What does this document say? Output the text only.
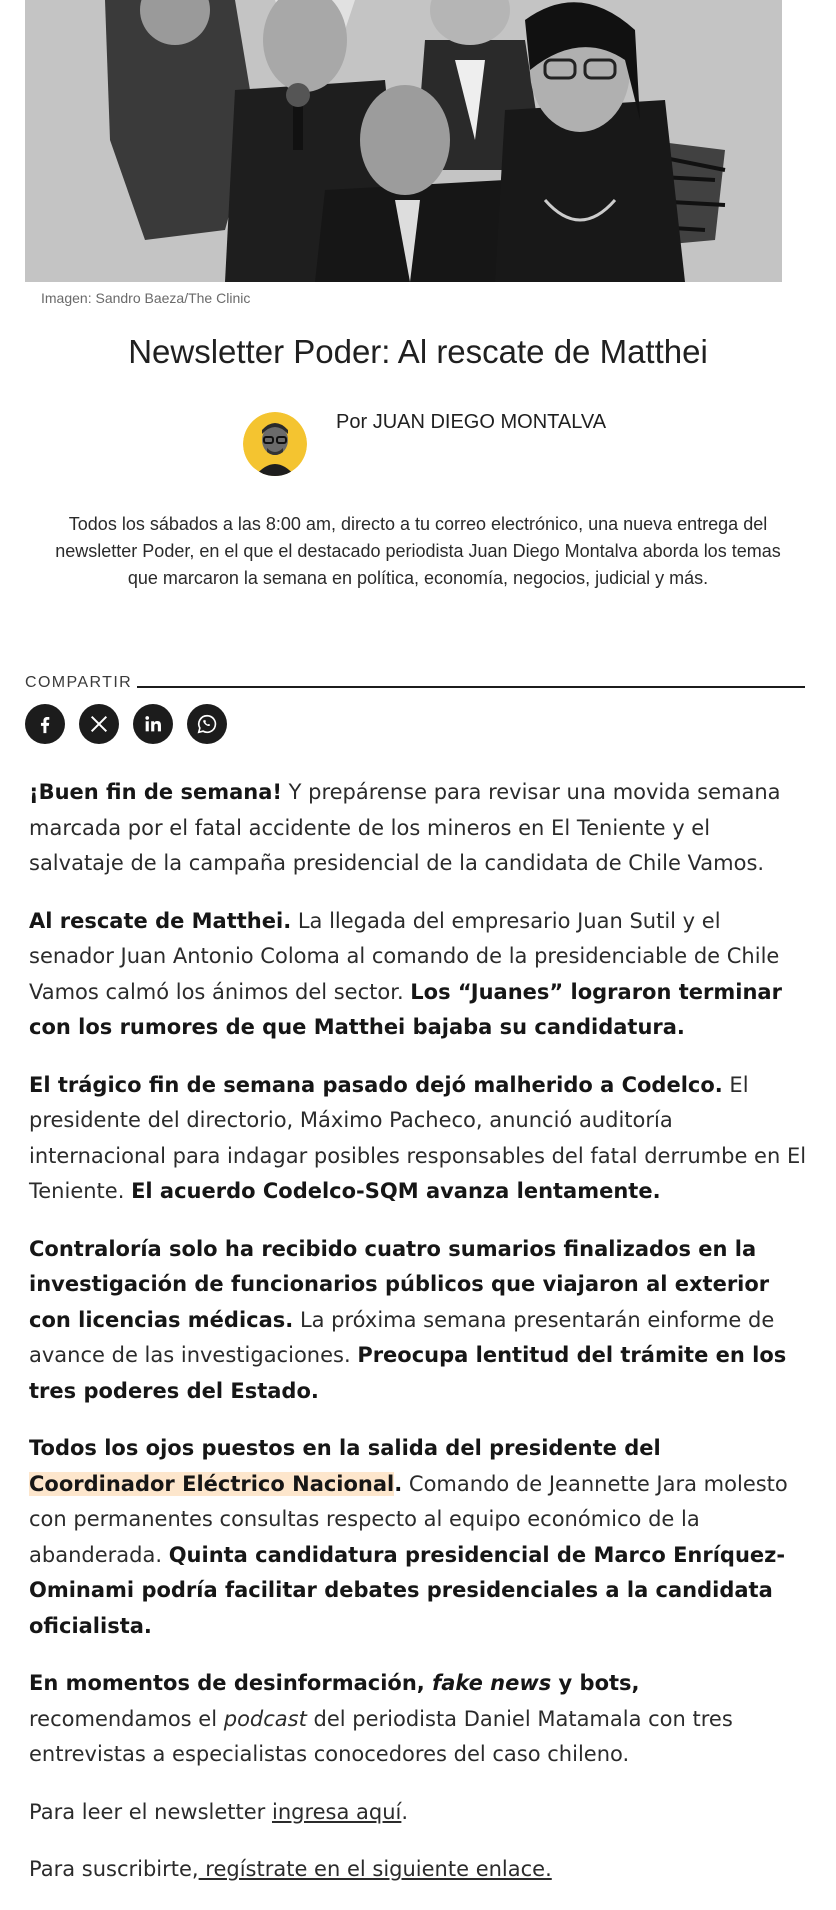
Imagen: Sandro Baeza/The Clinic
Newsletter Poder: Al rescate de Matthei
Por JUAN DIEGO MONTALVA

Todos los sábados a las 8:00 am, directo a tu correo electrónico, una nueva entrega del newsletter Poder, en el que el destacado periodista Juan Diego Montalva aborda los temas que marcaron la semana en política, economía, negocios, judicial y más.

COMPARTIR

¡Buen fin de semana! Y prepárense para revisar una movida semana marcada por el fatal accidente de los mineros en El Teniente y el salvataje de la campaña presidencial de la candidata de Chile Vamos.

Al rescate de Matthei. La llegada del empresario Juan Sutil y el senador Juan Antonio Coloma al comando de la presidenciable de Chile Vamos calmó los ánimos del sector. Los “Juanes” lograron terminar con los rumores de que Matthei bajaba su candidatura.

El trágico fin de semana pasado dejó malherido a Codelco. El presidente del directorio, Máximo Pacheco, anunció auditoría internacional para indagar posibles responsables del fatal derrumbe en El Teniente. El acuerdo Codelco-SQM avanza lentamente.

Contraloría solo ha recibido cuatro sumarios finalizados en la investigación de funcionarios públicos que viajaron al exterior con licencias médicas. La próxima semana presentarán einforme de avance de las investigaciones. Preocupa lentitud del trámite en los tres poderes del Estado.

Todos los ojos puestos en la salida del presidente del Coordinador Eléctrico Nacional. Comando de Jeannette Jara molesto con permanentes consultas respecto al equipo económico de la abanderada. Quinta candidatura presidencial de Marco Enríquez-Ominami podría facilitar debates presidenciales a la candidata oficialista.

En momentos de desinformación, fake news y bots, recomendamos el podcast del periodista Daniel Matamala con tres entrevistas a especialistas conocedores del caso chileno.

Para leer el newsletter ingresa aquí.

Para suscribirte, regístrate en el siguiente enlace.
